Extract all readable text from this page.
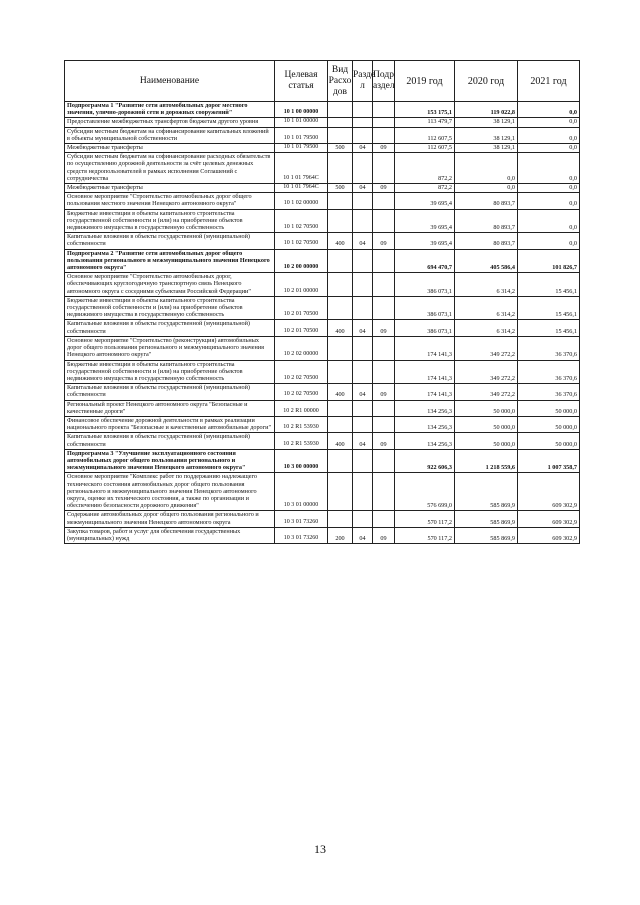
Наименование	Целевая статья	Вид Расхо дов	Разде л	Подр аздел	2019 год	2020 год	2021 год
Подпрограмма 1 "Развитие сети автомобильных дорог местного значения, улично-дорожной сети и дорожных сооружений"	10 1 00 00000				153 175,1	119 022,8	0,0
Предоставление межбюджетных трансфертов бюджетам другого уровня	10 1 01 00000				113 479,7	38 129,1	0,0
Субсидии местным бюджетам на софинансирование капитальных вложений в объекты муниципальной собственности	10 1 01 79500				112 607,5	38 129,1	0,0
Межбюджетные трансферты	10 1 01 79500	500	04	09	112 607,5	38 129,1	0,0
Субсидии местным бюджетам на софинансирование расходных обязательств по осуществлению дорожной деятельности за счёт целевых денежных средств недропользователей в рамках исполнения Соглашений с сотрудничества	10 1 01 7964С				872,2	0,0	0,0
Межбюджетные трансферты	10 1 01 7964С	500	04	09	872,2	0,0	0,0
Основное мероприятие "Строительство автомобильных дорог общего пользования местного значения Ненецкого автономного округа"	10 1 02 00000				39 695,4	80 893,7	0,0
Бюджетные инвестиции в объекты капитального строительства государственной собственности и (или) на приобретение объектов недвижимого имущества в государственную собственность	10 1 02 70500				39 695,4	80 893,7	0,0
Капитальные вложения в объекты государственной (муниципальной) собственности	10 1 02 70500	400	04	09	39 695,4	80 893,7	0,0
Подпрограмма 2 "Развитие сети автомобильных дорог общего пользования регионального и межмуниципального значения Ненецкого автономного округа"	10 2 00 00000				694 470,7	405 586,4	101 826,7
Основное мероприятие "Строительство автомобильных дорог, обеспечивающих круглогодичную транспортную связь Ненецкого автономного округа с соседними субъектами Российской Федерации"	10 2 01 00000				386 073,1	6 314,2	15 456,1
Бюджетные инвестиции в объекты капитального строительства государственной собственности и (или) на приобретение объектов недвижимого имущества в государственную собственность	10 2 01 70500				386 073,1	6 314,2	15 456,1
Капитальные вложения в объекты государственной (муниципальной) собственности	10 2 01 70500	400	04	09	386 073,1	6 314,2	15 456,1
Основное мероприятие "Строительство (реконструкция) автомобильных дорог общего пользования регионального и межмуниципального значения Ненецкого автономного округа"	10 2 02 00000				174 141,3	349 272,2	36 370,6
Бюджетные инвестиции в объекты капитального строительства государственной собственности и (или) на приобретение объектов недвижимого имущества в государственную собственность	10 2 02 70500				174 141,3	349 272,2	36 370,6
Капитальные вложения в объекты государственной (муниципальной) собственности	10 2 02 70500	400	04	09	174 141,3	349 272,2	36 370,6
Региональный проект Ненецкого автономного округа "Безопасные и качественные дороги"	10 2 R1 00000				134 256,3	50 000,0	50 000,0
Финансовое обеспечение дорожной деятельности в рамках реализации национального проекта "Безопасные и качественные автомобильные дороги"	10 2 R1 53930				134 256,3	50 000,0	50 000,0
Капитальные вложения в объекты государственной (муниципальной) собственности	10 2 R1 53930	400	04	09	134 256,3	50 000,0	50 000,0
Подпрограмма 3 "Улучшение эксплуатационного состояния автомобильных дорог общего пользования регионального и межмуниципального значения Ненецкого автономного округа"	10 3 00 00000				922 606,3	1 218 559,6	1 007 358,7
Основное мероприятие "Комплекс работ по поддержанию надлежащего технического состояния автомобильных дорог общего пользования регионального и межмуниципального значения Ненецкого автономного округа, оценке их технического состояния, а также по организации и обеспечению безопасности дорожного движения"	10 3 01 00000				576 699,0	585 869,9	609 302,9
Содержание автомобильных дорог общего пользования регионального и межмуниципального значения Ненецкого автономного округа	10 3 01 73260				570 117,2	585 869,9	609 302,9
Закупка товаров, работ и услуг для обеспечения государственных (муниципальных) нужд	10 3 01 73260	200	04	09	570 117,2	585 869,9	609 302,9
13
